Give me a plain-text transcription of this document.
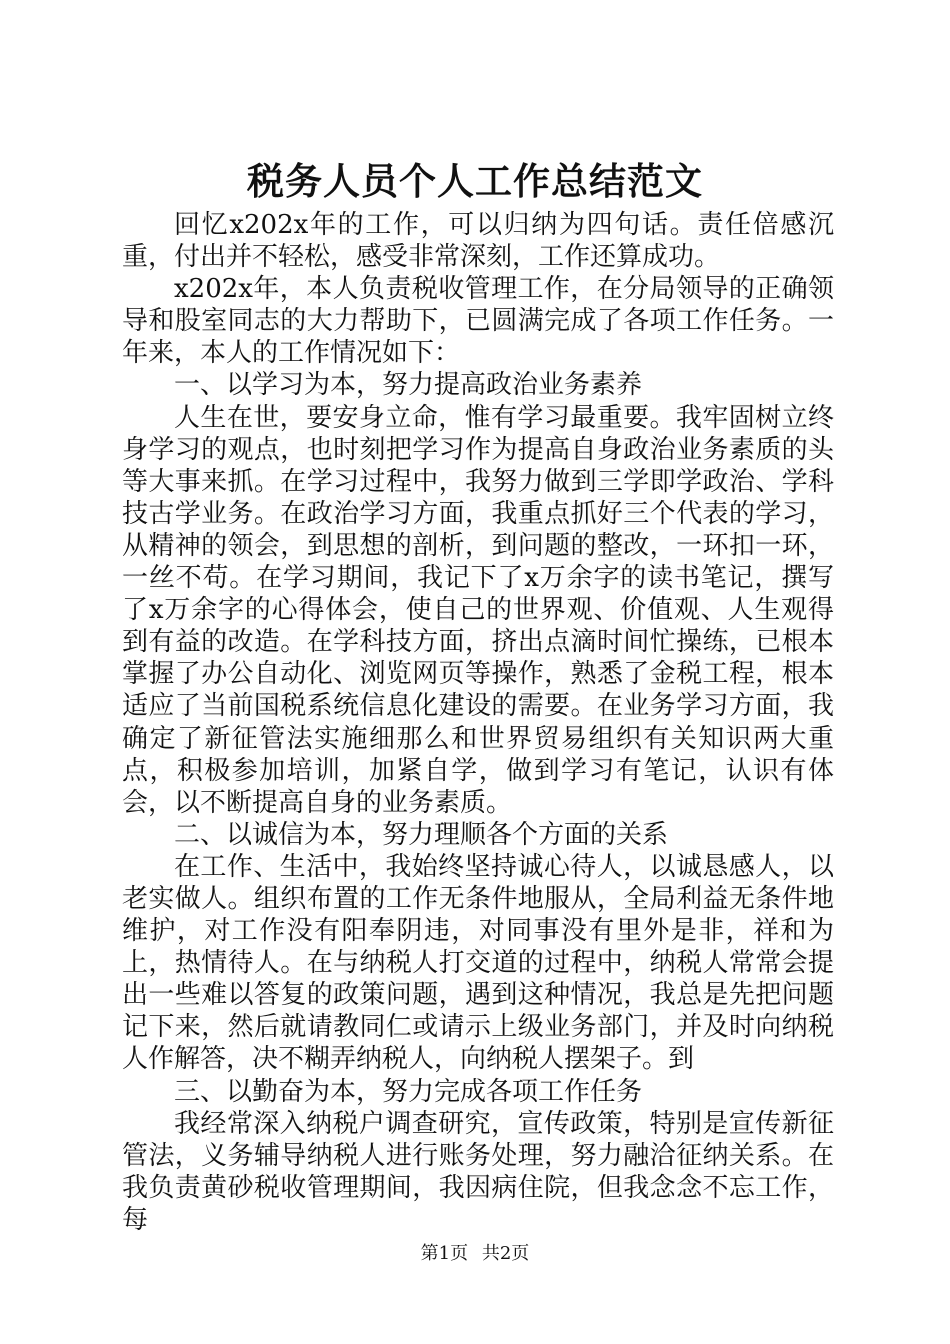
税务人员个人工作总结范文

回忆x202x年的工作，可以归纳为四句话。责任倍感沉重，付出并不轻松，感受非常深刻，工作还算成功。

x202x年，本人负责税收管理工作，在分局领导的正确领导和股室同志的大力帮助下，已圆满完成了各项工作任务。一年来，本人的工作情况如下：

一、以学习为本，努力提高政治业务素养

人生在世，要安身立命，惟有学习最重要。我牢固树立终身学习的观点，也时刻把学习作为提高自身政治业务素质的头等大事来抓。在学习过程中，我努力做到三学即学政治、学科技古学业务。在政治学习方面，我重点抓好三个代表的学习，从精神的领会，到思想的剖析，到问题的整改，一环扣一环，一丝不苟。在学习期间，我记下了x万余字的读书笔记，撰写了x万余字的心得体会，使自己的世界观、价值观、人生观得到有益的改造。在学科技方面，挤出点滴时间忙操练，已根本掌握了办公自动化、浏览网页等操作，熟悉了金税工程，根本适应了当前国税系统信息化建设的需要。在业务学习方面，我确定了新征管法实施细那么和世界贸易组织有关知识两大重点，积极参加培训，加紧自学，做到学习有笔记，认识有体会，以不断提高自身的业务素质。

二、以诚信为本，努力理顺各个方面的关系

在工作、生活中，我始终坚持诚心待人，以诚恳感人，以老实做人。组织布置的工作无条件地服从，全局利益无条件地维护，对工作没有阳奉阴违，对同事没有里外是非，祥和为上，热情待人。在与纳税人打交道的过程中，纳税人常常会提出一些难以答复的政策问题，遇到这种情况，我总是先把问题记下来，然后就请教同仁或请示上级业务部门，并及时向纳税人作解答，决不糊弄纳税人，向纳税人摆架子。到

三、以勤奋为本，努力完成各项工作任务

我经常深入纳税户调查研究，宣传政策，特别是宣传新征管法，义务辅导纳税人进行账务处理，努力融洽征纳关系。在我负责黄砂税收管理期间，我因病住院，但我念念不忘工作，每

第1页 共2页
